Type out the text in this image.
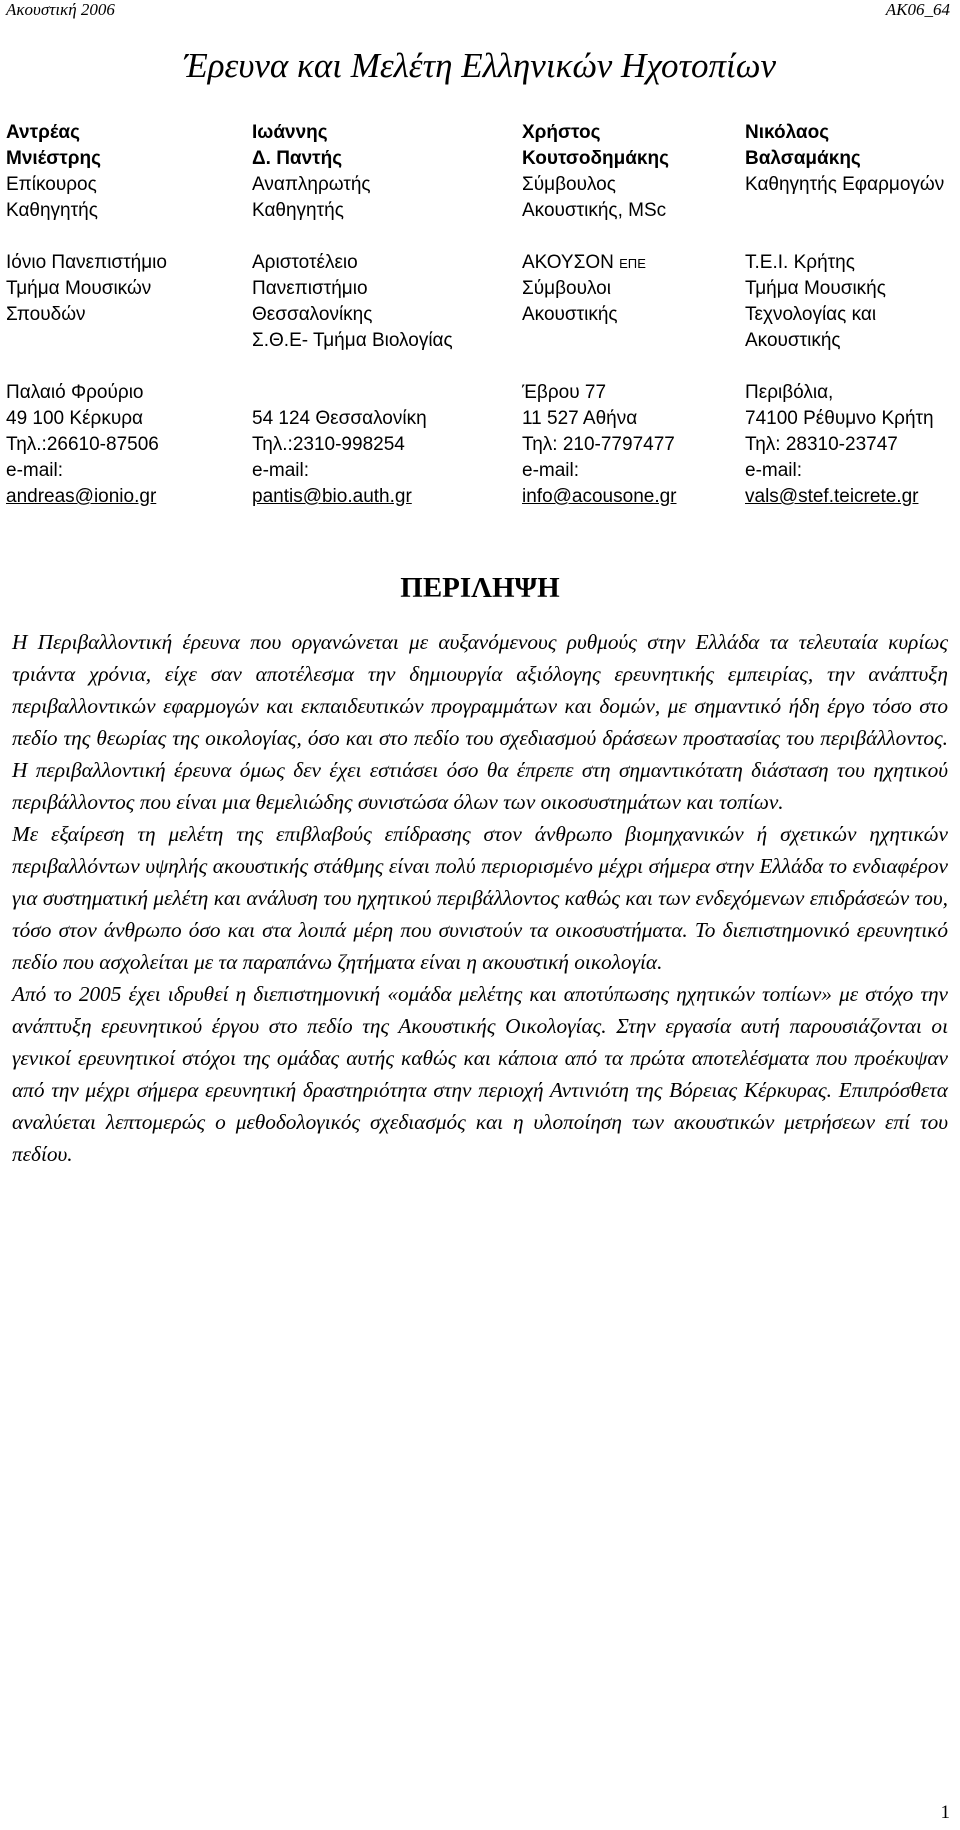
Ακουστική 2006	ΑΚ06_64
Έρευνα και Μελέτη Ελληνικών Ηχοτοπίων
Αντρέας
Μνιέστρης
Επίκουρος
Καθηγητής
Ιόνιο Πανεπιστήμιο
Τμήμα Μουσικών
Σπουδών
Παλαιό Φρούριο
49 100 Κέρκυρα
Τηλ.:26610-87506
e-mail:
andreas@ionio.gr
Ιωάννης
Δ. Παντής
Αναπληρωτής
Καθηγητής
Αριστοτέλειο
Πανεπιστήμιο
Θεσσαλονίκης
Σ.Θ.Ε- Τμήμα Βιολογίας
54 124 Θεσσαλονίκη
Τηλ.:2310-998254
e-mail:
pantis@bio.auth.gr
Χρήστος
Κουτσοδημάκης
Σύμβουλος
Ακουστικής, MSc
ΑΚΟΥΣΟΝ ΕΠΕ
Σύμβουλοι
Ακουστικής
Έβρου 77
11 527 Αθήνα
Τηλ: 210-7797477
e-mail:
info@acousone.gr
Νικόλαος
Βαλσαμάκης
Καθηγητής Εφαρμογών
Τ.Ε.Ι. Κρήτης
Τμήμα Μουσικής
Τεχνολογίας και
Ακουστικής
Περιβόλια,
74100 Ρέθυμνο Κρήτη
Τηλ: 28310-23747
e-mail:
vals@stef.teicrete.gr
ΠΕΡΙΛΗΨΗ

Η Περιβαλλοντική έρευνα που οργανώνεται με αυξανόμενους ρυθμούς στην Ελλάδα τα τελευταία κυρίως τριάντα χρόνια, είχε σαν αποτέλεσμα την δημιουργία αξιόλογης ερευνητικής εμπειρίας, την ανάπτυξη περιβαλλοντικών εφαρμογών και εκπαιδευτικών προγραμμάτων και δομών, με σημαντικό ήδη έργο τόσο στο πεδίο της θεωρίας της οικολογίας, όσο και στο πεδίο του σχεδιασμού δράσεων προστασίας του περιβάλλοντος. Η περιβαλλοντική έρευνα όμως δεν έχει εστιάσει όσο θα έπρεπε στη σημαντικότατη διάσταση του ηχητικού περιβάλλοντος που είναι μια θεμελιώδης συνιστώσα όλων των οικοσυστημάτων και τοπίων.

Με εξαίρεση τη μελέτη της επιβλαβούς επίδρασης στον άνθρωπο βιομηχανικών ή σχετικών ηχητικών περιβαλλόντων υψηλής ακουστικής στάθμης είναι πολύ περιορισμένο μέχρι σήμερα στην Ελλάδα το ενδιαφέρον για συστηματική μελέτη και ανάλυση του ηχητικού περιβάλλοντος καθώς και των ενδεχόμενων επιδράσεών του, τόσο στον άνθρωπο όσο και στα λοιπά μέρη που συνιστούν τα οικοσυστήματα. Το διεπιστημονικό ερευνητικό πεδίο που ασχολείται με τα παραπάνω ζητήματα είναι η ακουστική οικολογία.

Από το 2005 έχει ιδρυθεί η διεπιστημονική «ομάδα μελέτης και αποτύπωσης ηχητικών τοπίων» με στόχο την ανάπτυξη ερευνητικού έργου στο πεδίο της Ακουστικής Οικολογίας. Στην εργασία αυτή παρουσιάζονται οι γενικοί ερευνητικοί στόχοι της ομάδας αυτής καθώς και κάποια από τα πρώτα αποτελέσματα που προέκυψαν από την μέχρι σήμερα ερευνητική δραστηριότητα στην περιοχή Αντινιότη της Βόρειας Κέρκυρας. Επιπρόσθετα αναλύεται λεπτομερώς ο μεθοδολογικός σχεδιασμός και η υλοποίηση των ακουστικών μετρήσεων επί του πεδίου.

1
